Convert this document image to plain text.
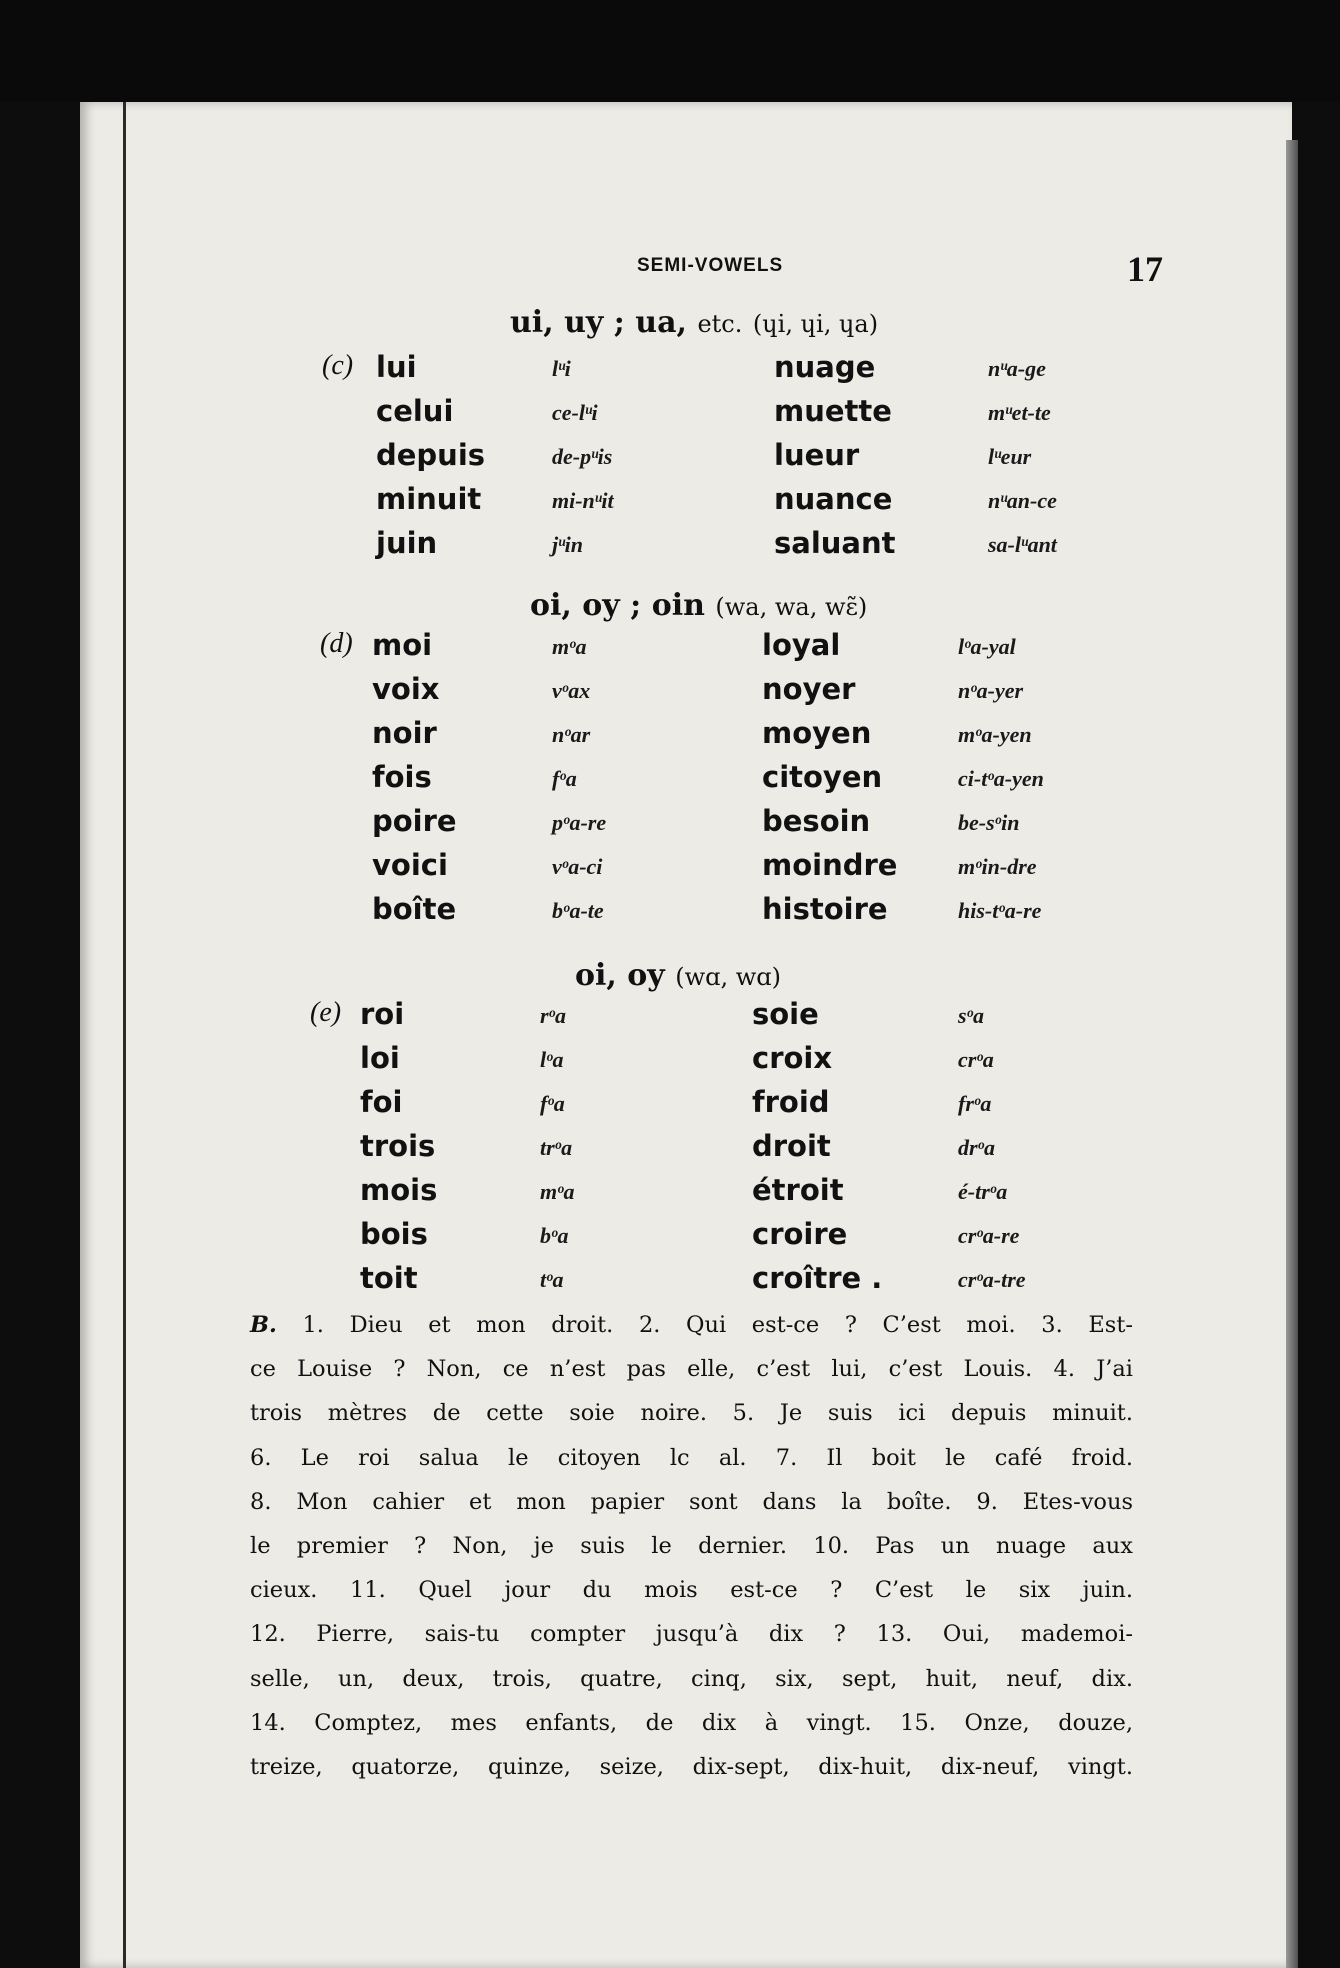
SEMI-VOWELS	17
ui, uy ; ua, etc. (ɥi, ɥi, ɥa)
(c)
oi, oy ; oin (wa, wa, wɛ̃)
(d)
oi, oy (wɑ, wɑ)
(e)
lui	lᵘi	nuage	nᵘa-ge
celui	ce-lᵘi	muette	mᵘet-te
depuis	de-pᵘis	lueur	lᵘeur
minuit	mi-nᵘit	nuance	nᵘan-ce
juin	jᵘin	saluant	sa-lᵘant
moi	mᵒa	loyal	lᵒa-yal
voix	vᵒax	noyer	nᵒa-yer
noir	nᵒar	moyen	mᵒa-yen
fois	fᵒa	citoyen	ci-tᵒa-yen
poire	pᵒa-re	besoin	be-sᵒin
voici	vᵒa-ci	moindre	mᵒin-dre
boîte	bᵒa-te	histoire	his-tᵒa-re
roi	rᵒa	soie	sᵒa
loi	lᵒa	croix	crᵒa
foi	fᵒa	froid	frᵒa
trois	trᵒa	droit	drᵒa
mois	mᵒa	étroit	é-trᵒa
bois	bᵒa	croire	crᵒa-re
toit	tᵒa	croître .	crᵒa-tre

B. 1. Dieu et mon droit. 2. Qui est-ce ? C’est moi. 3. Est-

ce Louise ? Non, ce n’est pas elle, c’est lui, c’est Louis. 4. J’ai

trois mètres de cette soie noire. 5. Je suis ici depuis minuit.

6. Le roi salua le citoyen lc al. 7. Il boit le café froid.

8. Mon cahier et mon papier sont dans la boîte. 9. Etes-vous

le premier ? Non, je suis le dernier. 10. Pas un nuage aux

cieux. 11. Quel jour du mois est-ce ? C’est le six juin.

12. Pierre, sais-tu compter jusqu’à dix ? 13. Oui, mademoi-

selle, un, deux, trois, quatre, cinq, six, sept, huit, neuf, dix.

14. Comptez, mes enfants, de dix à vingt. 15. Onze, douze,

treize, quatorze, quinze, seize, dix-sept, dix-huit, dix-neuf, vingt.
